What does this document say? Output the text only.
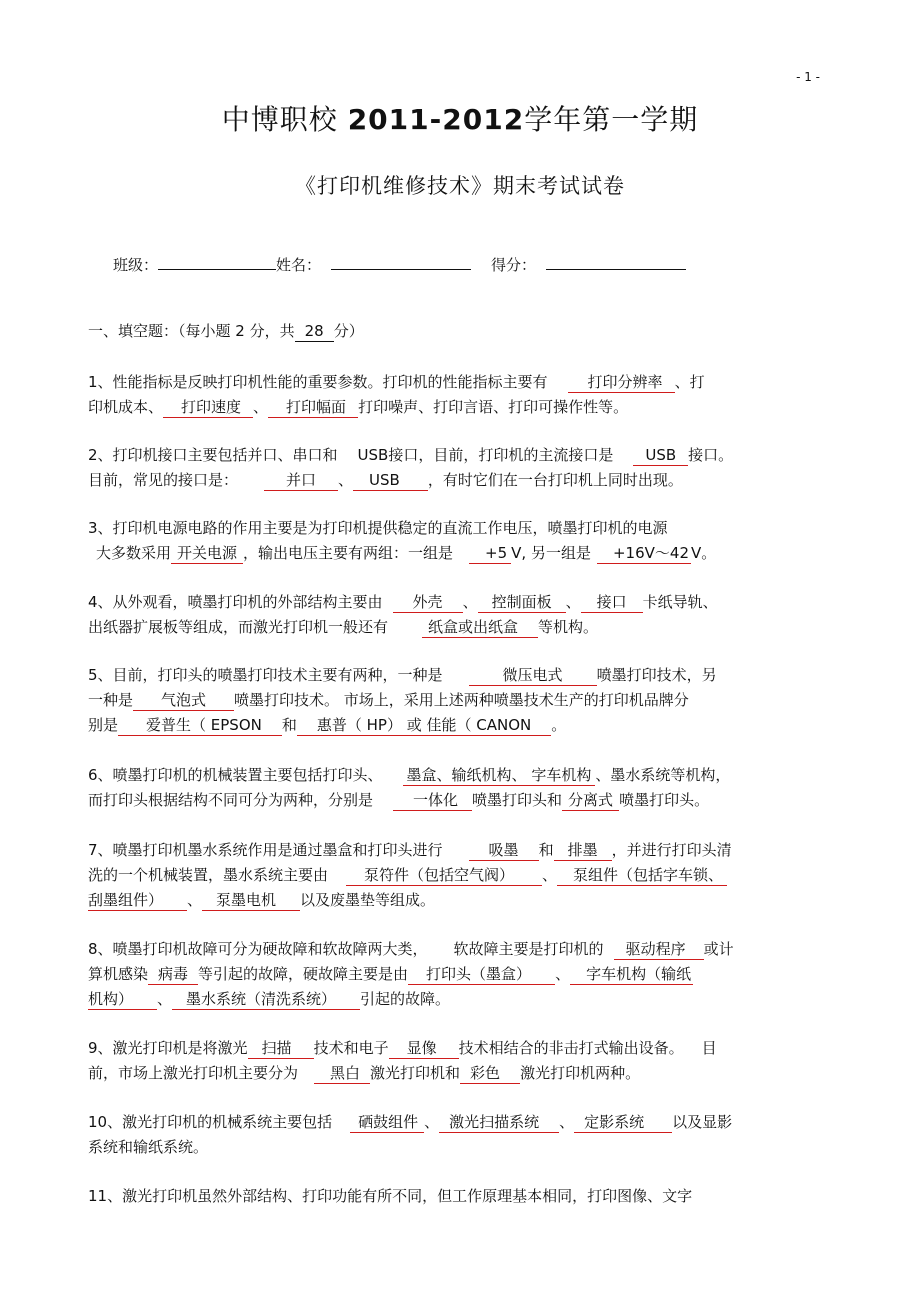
- 1 -
中博职校 2011-2012学年第一学期
《打印机维修技术》期末考试试卷
班级：	姓名：	得分：
一、填空题：（每小题 2 分，共 28 分）
1、性能指标是反映打印机性能的重要参数。打印机的性能指标主要有	打印分辨率 、打
印机成本、 打印速度 、 打印幅面 打印噪声、打印言语、打印可操作性等。
2、打印机接口主要包括并口、串口和 USB接口，目前，打印机的主流接口是 USB 接口。
目前，常见的接口是：	并口 、 USB ，有时它们在一台打印机上同时出现。
3、打印机电源电路的作用主要是为打印机提供稳定的直流工作电压，喷墨打印机的电源
大多数采用 开关电源 ，输出电压主要有两组：一组是 +5 V, 另一组是 +16V～42 V。
4、从外观看，喷墨打印机的外部结构主要由 外壳 、 控制面板 、 接口 卡纸导轨、
出纸器扩展板等组成，而激光打印机一般还有	纸盒或出纸盒 等机构。
5、目前，打印头的喷墨打印技术主要有两种，一种是	微压电式 喷墨打印技术，另
一种是 气泡式 喷墨打印技术。 市场上，采用上述两种喷墨技术生产的打印机品牌分
别是 爱普生（ EPSON 和 惠普（ HP） 或 佳能（ CANON 。
6、喷墨打印机的机械装置主要包括打印头、 墨盒、输纸机构、 字车机构 、墨水系统等机构，
而打印头根据结构不同可分为两种，分别是	一体化 喷墨打印头和 分离式 喷墨打印头。
7、喷墨打印机墨水系统作用是通过墨盒和打印头进行	吸墨 和 排墨 ，并进行打印头清
洗的一个机械装置，墨水系统主要由 泵符件（包括空气阀） 、 泵组件（包括字车锁、
刮墨组件） 、 泵墨电机 以及废墨垫等组成。
8、喷墨打印机故障可分为硬故障和软故障两大类， 软故障主要是打印机的 驱动程序 或计
算机感染 病毒 等引起的故障，硬故障主要是由 打印头（墨盒） 、 字车机构（输纸
机构） 、 墨水系统（清洗系统） 引起的故障。
9、激光打印机是将激光 扫描 技术和电子 显像 技术相结合的非击打式输出设备。 目
前，市场上激光打印机主要分为 黑白 激光打印机和 彩色 激光打印机两种。
10、激光打印机的机械系统主要包括 硒鼓组件 、 激光扫描系统 、 定影系统 以及显影
系统和输纸系统。
11、激光打印机虽然外部结构、打印功能有所不同，但工作原理基本相同，打印图像、文字
